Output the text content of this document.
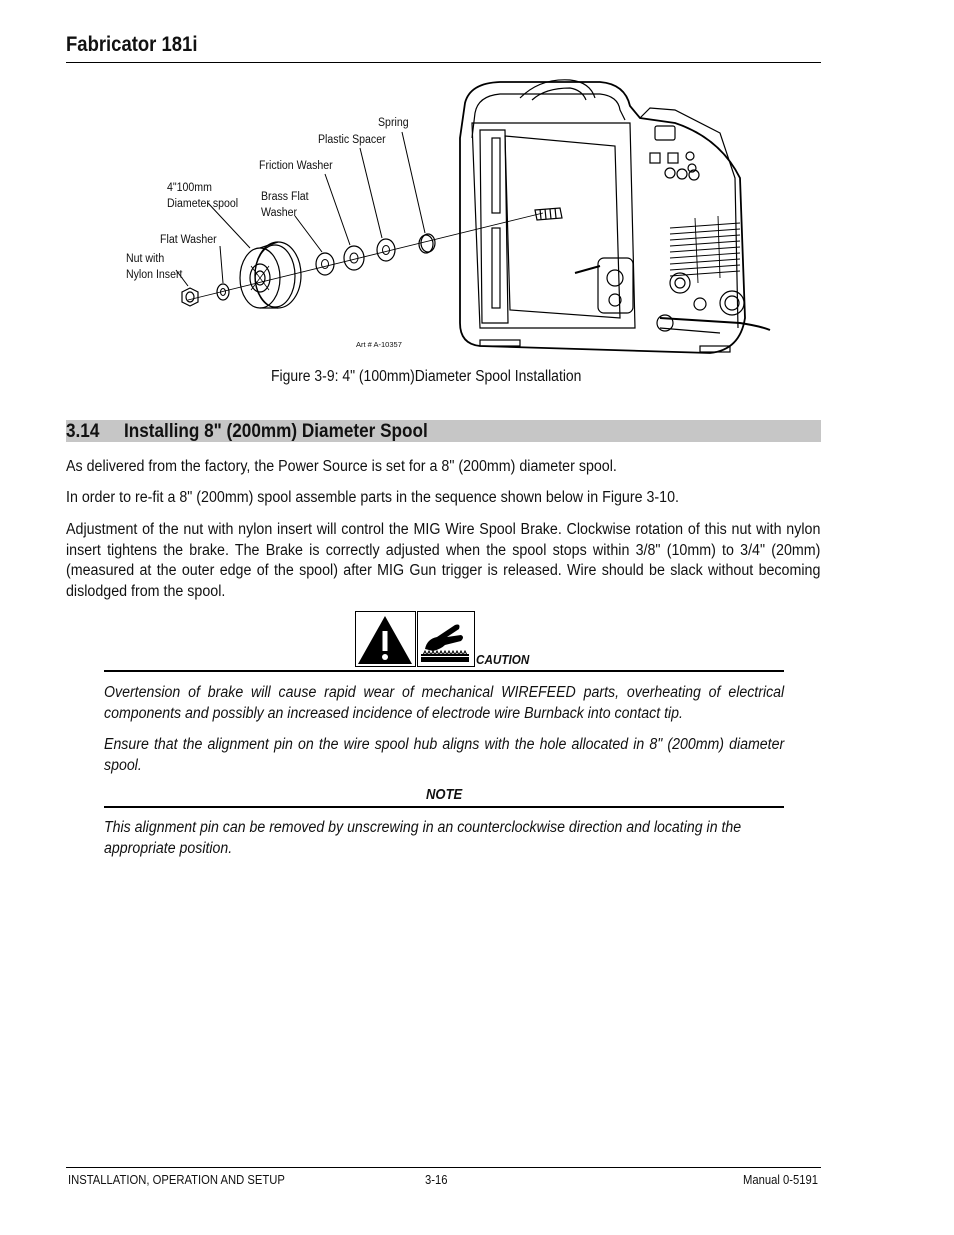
Fabricator 181i
Spring
Plastic Spacer
Friction Washer
4"100mm
Diameter spool
Brass Flat
Washer
Flat Washer
Nut with
Nylon Insert
Art # A-10357
Figure 3-9: 4" (100mm)Diameter Spool Installation
3.14 Installing 8" (200mm) Diameter Spool
As delivered from the factory, the Power Source is set for a 8" (200mm) diameter spool.
In order to re-fit a 8" (200mm) spool assemble parts in the sequence shown below in Figure 3-10.
Adjustment of the nut with nylon insert will control the MIG Wire Spool Brake. Clockwise rotation of this nut with nylon insert tightens the brake. The Brake is correctly adjusted when the spool stops within 3/8" (10mm) to 3/4" (20mm) (measured at the outer edge of the spool) after MIG Gun trigger is released. Wire should be slack without becoming dislodged from the spool.
CAUTION
Overtension of brake will cause rapid wear of mechanical WIREFEED parts, overheating of electrical components and possibly an increased incidence of electrode wire Burnback into contact tip.
Ensure that the alignment pin on the wire spool hub aligns with the hole allocated in 8" (200mm) diameter spool.
NOTE
This alignment pin can be removed by unscrewing in an counterclockwise direction and locating in the appropriate position.
INSTALLATION, OPERATION AND SETUP	3-16	Manual 0-5191
